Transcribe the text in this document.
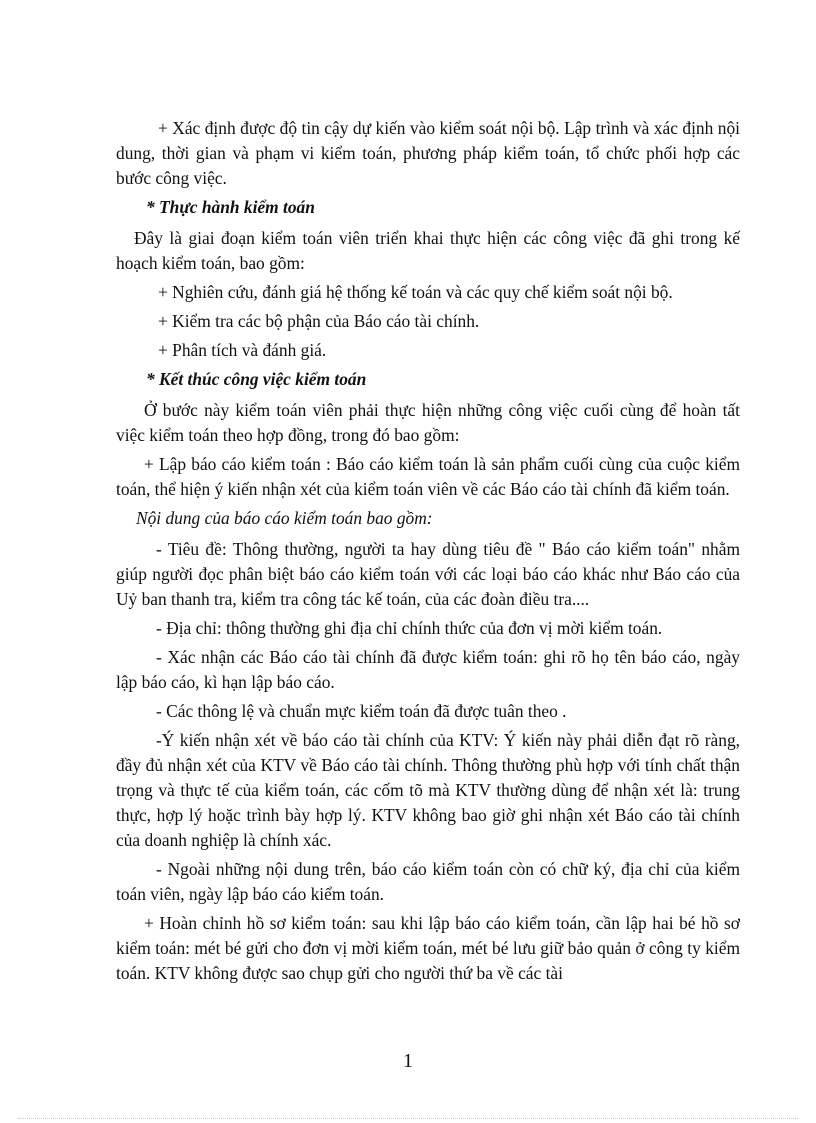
+ Xác định được độ tin cậy dự kiến vào kiểm soát nội bộ. Lập trình và xác định nội dung, thời gian và phạm vi kiểm toán, phương pháp kiểm toán, tổ chức phối hợp các bước công việc.

* Thực hành kiểm toán

Đây là giai đoạn kiểm toán viên triển khai thực hiện các công việc đã ghi trong kế hoạch kiểm toán, bao gồm:

+ Nghiên cứu, đánh giá hệ thống kế toán và các quy chế kiểm soát nội bộ.

+ Kiểm tra các bộ phận của Báo cáo tài chính.

+ Phân tích và đánh giá.

* Kết thúc công việc kiểm toán

Ở bước này kiểm toán viên phải thực hiện những công việc cuối cùng để hoàn tất việc kiểm toán theo hợp đồng, trong đó bao gồm:

+ Lập báo cáo kiểm toán : Báo cáo kiểm toán là sản phẩm cuối cùng của cuộc kiểm toán, thể hiện ý kiến nhận xét của kiểm toán viên về các Báo cáo tài chính đã kiểm toán.

Nội dung của báo cáo kiểm toán bao gồm:

- Tiêu đề: Thông thường, người ta hay dùng tiêu đề " Báo cáo kiểm toán" nhằm giúp người đọc phân biệt báo cáo kiểm toán với các loại báo cáo khác như Báo cáo của Uỷ ban thanh tra, kiểm tra công tác kế toán, của các đoàn điều tra....

- Địa chỉ: thông thường ghi địa chỉ chính thức của đơn vị mời kiểm toán.

- Xác nhận các Báo cáo tài chính đã được kiểm toán: ghi rõ họ tên báo cáo, ngày lập báo cáo, kì hạn lập báo cáo.

- Các thông lệ và chuẩn mực kiểm toán đã được tuân theo .

-Ý kiến nhận xét về báo cáo tài chính của KTV: Ý kiến này phải diễn đạt rõ ràng, đầy đủ nhận xét của KTV về Báo cáo tài chính. Thông thường phù hợp với tính chất thận trọng và thực tế của kiểm toán, các cốm tõ mà KTV thường dùng để nhận xét là: trung thực, hợp lý hoặc trình bày hợp lý. KTV không bao giờ ghi nhận xét Báo cáo tài chính của doanh nghiệp là chính xác.

- Ngoài những nội dung trên, báo cáo kiểm toán còn có chữ ký, địa chỉ của kiểm toán viên, ngày lập báo cáo kiểm toán.

+ Hoàn chỉnh hồ sơ kiểm toán: sau khi lập báo cáo kiểm toán, cần lập hai bé hồ sơ kiểm toán: mét bé gửi cho đơn vị mời kiểm toán, mét bé lưu giữ bảo quản ở công ty kiểm toán. KTV không được sao chụp gửi cho người thứ ba về các tài

1
